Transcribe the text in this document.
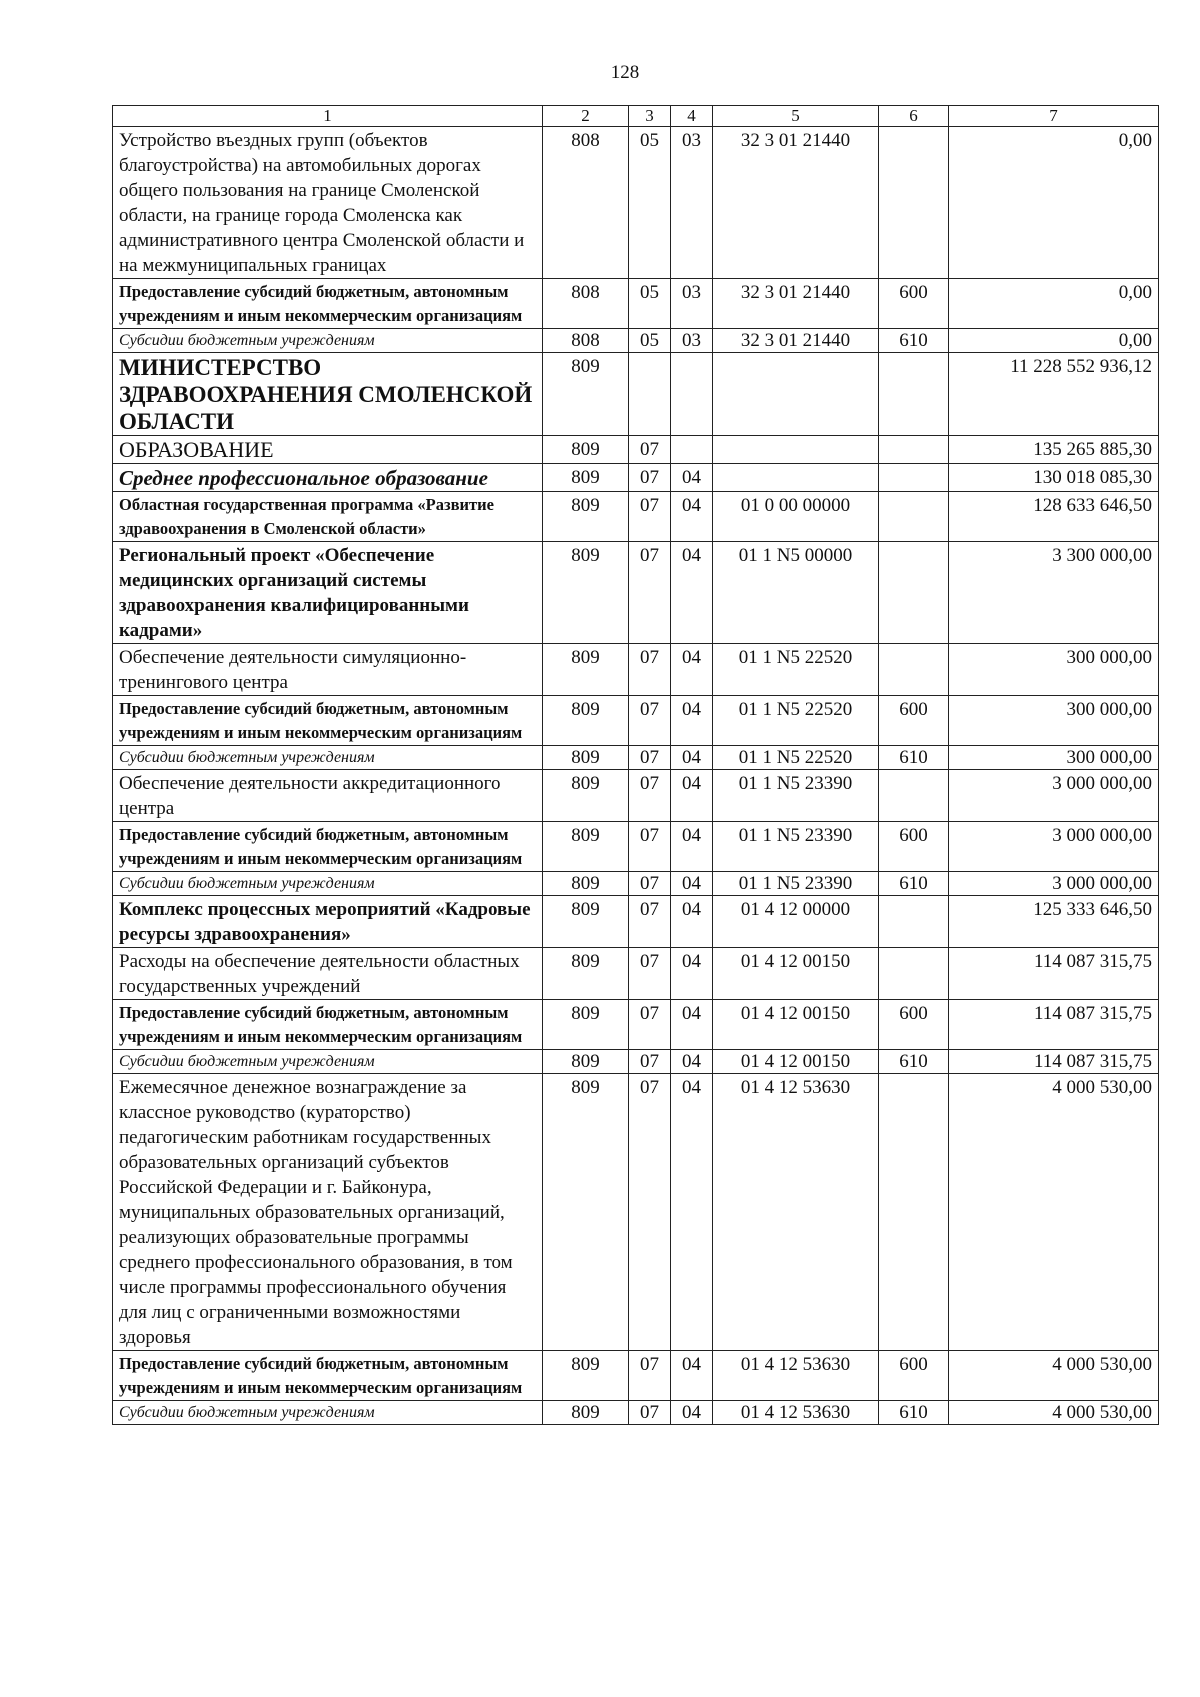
128
1	2	3	4	5	6	7
Устройство въездных групп (объектов благоустройства) на автомобильных дорогах общего пользования на границе Смоленской области, на границе города Смоленска как административного центра Смоленской области и на межмуниципальных границах	808	05	03	32 3 01 21440		0,00
Предоставление субсидий бюджетным, автономным учреждениям и иным некоммерческим организациям	808	05	03	32 3 01 21440	600	0,00
Субсидии бюджетным учреждениям	808	05	03	32 3 01 21440	610	0,00
МИНИСТЕРСТВО ЗДРАВООХРАНЕНИЯ СМОЛЕНСКОЙ ОБЛАСТИ	809					11 228 552 936,12
ОБРАЗОВАНИЕ	809	07				135 265 885,30
Среднее профессиональное образование	809	07	04			130 018 085,30
Областная государственная программа «Развитие здравоохранения в Смоленской области»	809	07	04	01 0 00 00000		128 633 646,50
Региональный проект «Обеспечение медицинских организаций системы здравоохранения квалифицированными кадрами»	809	07	04	01 1 N5 00000		3 300 000,00
Обеспечение деятельности симуляционно-тренингового центра	809	07	04	01 1 N5 22520		300 000,00
Предоставление субсидий бюджетным, автономным учреждениям и иным некоммерческим организациям	809	07	04	01 1 N5 22520	600	300 000,00
Субсидии бюджетным учреждениям	809	07	04	01 1 N5 22520	610	300 000,00
Обеспечение деятельности аккредитационного центра	809	07	04	01 1 N5 23390		3 000 000,00
Предоставление субсидий бюджетным, автономным учреждениям и иным некоммерческим организациям	809	07	04	01 1 N5 23390	600	3 000 000,00
Субсидии бюджетным учреждениям	809	07	04	01 1 N5 23390	610	3 000 000,00
Комплекс процессных мероприятий «Кадровые ресурсы здравоохранения»	809	07	04	01 4 12 00000		125 333 646,50
Расходы на обеспечение деятельности областных государственных учреждений	809	07	04	01 4 12 00150		114 087 315,75
Предоставление субсидий бюджетным, автономным учреждениям и иным некоммерческим организациям	809	07	04	01 4 12 00150	600	114 087 315,75
Субсидии бюджетным учреждениям	809	07	04	01 4 12 00150	610	114 087 315,75
Ежемесячное денежное вознаграждение за классное руководство (кураторство) педагогическим работникам государственных образовательных организаций субъектов Российской Федерации и г. Байконура, муниципальных образовательных организаций, реализующих образовательные программы среднего профессионального образования, в том числе программы профессионального обучения для лиц с ограниченными возможностями здоровья	809	07	04	01 4 12 53630		4 000 530,00
Предоставление субсидий бюджетным, автономным учреждениям и иным некоммерческим организациям	809	07	04	01 4 12 53630	600	4 000 530,00
Субсидии бюджетным учреждениям	809	07	04	01 4 12 53630	610	4 000 530,00
